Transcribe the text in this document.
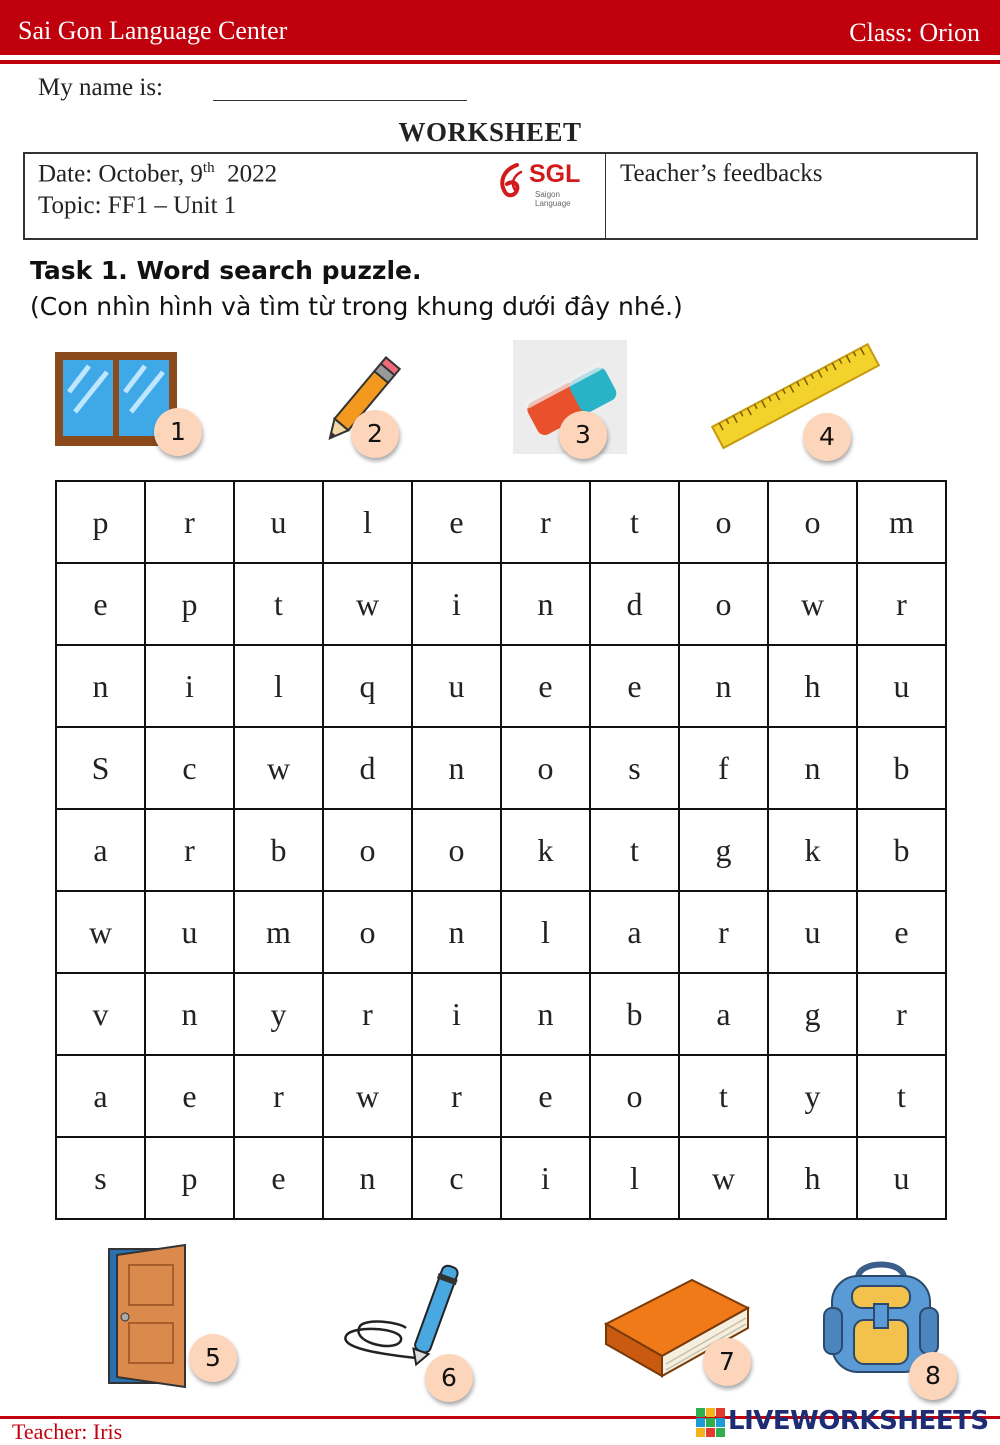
Sai Gon Language Center	Class: Orion
My name is:
WORKSHEET
Date: October, 9th 2022
Topic: FF1 – Unit 1
SGL
Saigon Language
Teacher’s feedbacks
Task 1. Word search puzzle.
(Con nhìn hình và tìm từ trong khung dưới đây nhé.)
1	2	3	4
p	r	u	l	e	r	t	o	o	m
e	p	t	w	i	n	d	o	w	r
n	i	l	q	u	e	e	n	h	u
S	c	w	d	n	o	s	f	n	b
a	r	b	o	o	k	t	g	k	b
w	u	m	o	n	l	a	r	u	e
v	n	y	r	i	n	b	a	g	r
a	e	r	w	r	e	o	t	y	t
s	p	e	n	c	i	l	w	h	u
5
6
7	8
Teacher: Iris	LIVEWORKSHEETS
